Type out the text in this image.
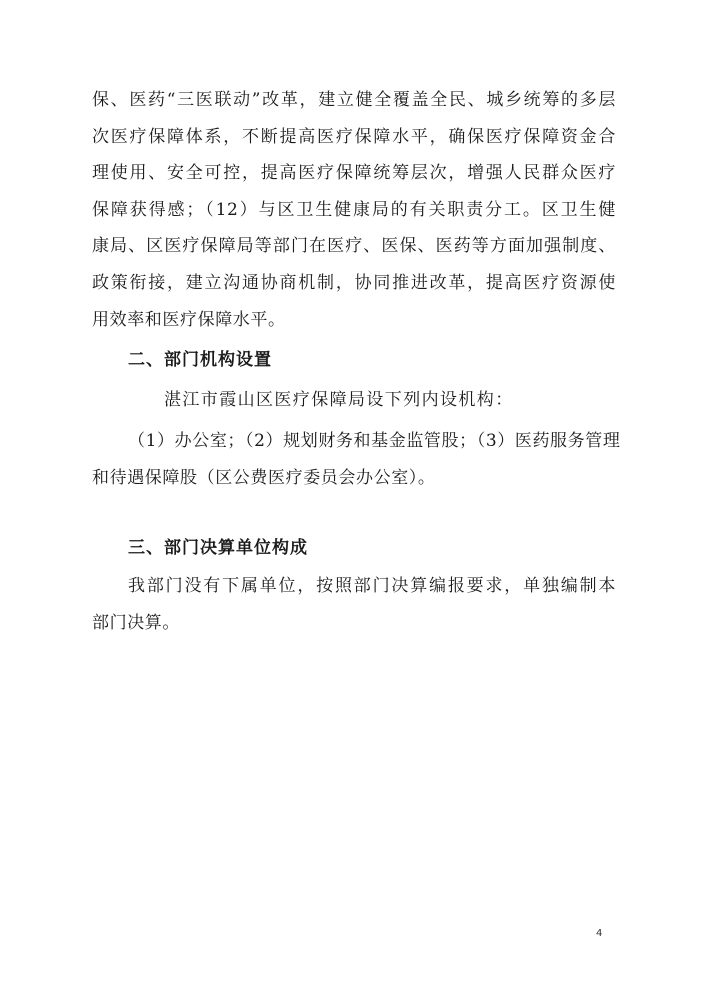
保、医药“三医联动”改革，建立健全覆盖全民、城乡统筹的多层
次医疗保障体系，不断提高医疗保障水平，确保医疗保障资金合
理使用、安全可控，提高医疗保障统筹层次，增强人民群众医疗
保障获得感；（12）与区卫生健康局的有关职责分工。区卫生健
康局、区医疗保障局等部门在医疗、医保、医药等方面加强制度、
政策衔接，建立沟通协商机制，协同推进改革，提高医疗资源使
用效率和医疗保障水平。
二、部门机构设置
湛江市霞山区医疗保障局设下列内设机构：
（1）办公室；（2）规划财务和基金监管股；（3）医药服务管理
和待遇保障股（区公费医疗委员会办公室）。
三、部门决算单位构成
我部门没有下属单位，按照部门决算编报要求，单独编制本
部门决算。
4
